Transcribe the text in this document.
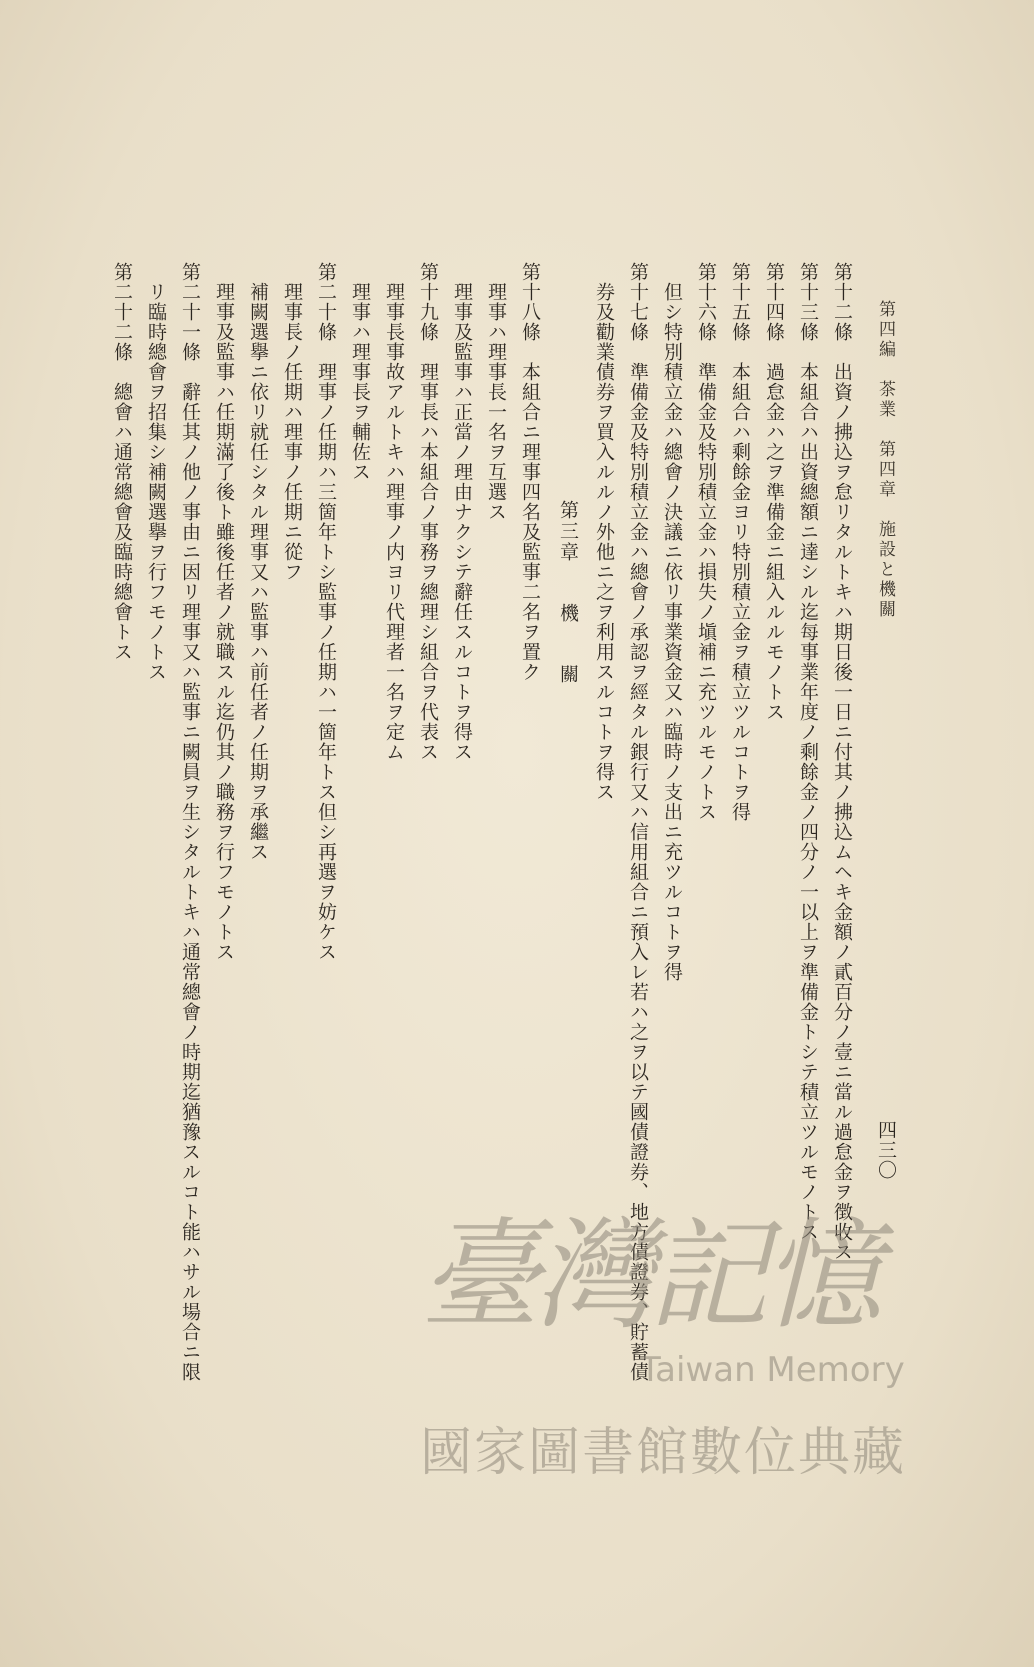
第四編　茶業　第四章　施設と機關
四三〇
第十二條　出資ノ拂込ヲ怠リタルトキハ期日後一日ニ付其ノ拂込ムヘキ金額ノ貳百分ノ壹ニ當ル過怠金ヲ徴收ス
第十三條　本組合ハ出資總額ニ達シル迄每事業年度ノ剩餘金ノ四分ノ一以上ヲ準備金トシテ積立ツルモノトス
第十四條　過怠金ハ之ヲ準備金ニ組入ルルモノトス
第十五條　本組合ハ剩餘金ヨリ特別積立金ヲ積立ツルコトヲ得
第十六條　準備金及特別積立金ハ損失ノ塡補ニ充ツルモノトス
　但シ特別積立金ハ總會ノ決議ニ依リ事業資金又ハ臨時ノ支出ニ充ツルコトヲ得
第十七條　準備金及特別積立金ハ總會ノ承認ヲ經タル銀行又ハ信用組合ニ預入レ若ハ之ヲ以テ國債證券、地方債證券、貯蓄債
　券及勸業債券ヲ買入ルルノ外他ニ之ヲ利用スルコトヲ得ス
第三章機關
第十八條　本組合ニ理事四名及監事二名ヲ置ク
　理事ハ理事長一名ヲ互選ス
　理事及監事ハ正當ノ理由ナクシテ辭任スルコトヲ得ス
第十九條　理事長ハ本組合ノ事務ヲ總理シ組合ヲ代表ス
　理事長事故アルトキハ理事ノ内ヨリ代理者一名ヲ定ム
　理事ハ理事長ヲ輔佐ス
第二十條　理事ノ任期ハ三箇年トシ監事ノ任期ハ一箇年トス但シ再選ヲ妨ケス
　理事長ノ任期ハ理事ノ任期ニ從フ
　補闕選擧ニ依リ就任シタル理事又ハ監事ハ前任者ノ任期ヲ承繼ス
　理事及監事ハ任期滿了後ト雖後任者ノ就職スル迄仍其ノ職務ヲ行フモノトス
第二十一條　辭任其ノ他ノ事由ニ因リ理事又ハ監事ニ闕員ヲ生シタルトキハ通常總會ノ時期迄猶豫スルコト能ハサル場合ニ限
　リ臨時總會ヲ招集シ補闕選擧ヲ行フモノトス
第二十二條　總會ハ通常總會及臨時總會トス
臺灣記憶
Taiwan Memory
國家圖書館數位典藏
